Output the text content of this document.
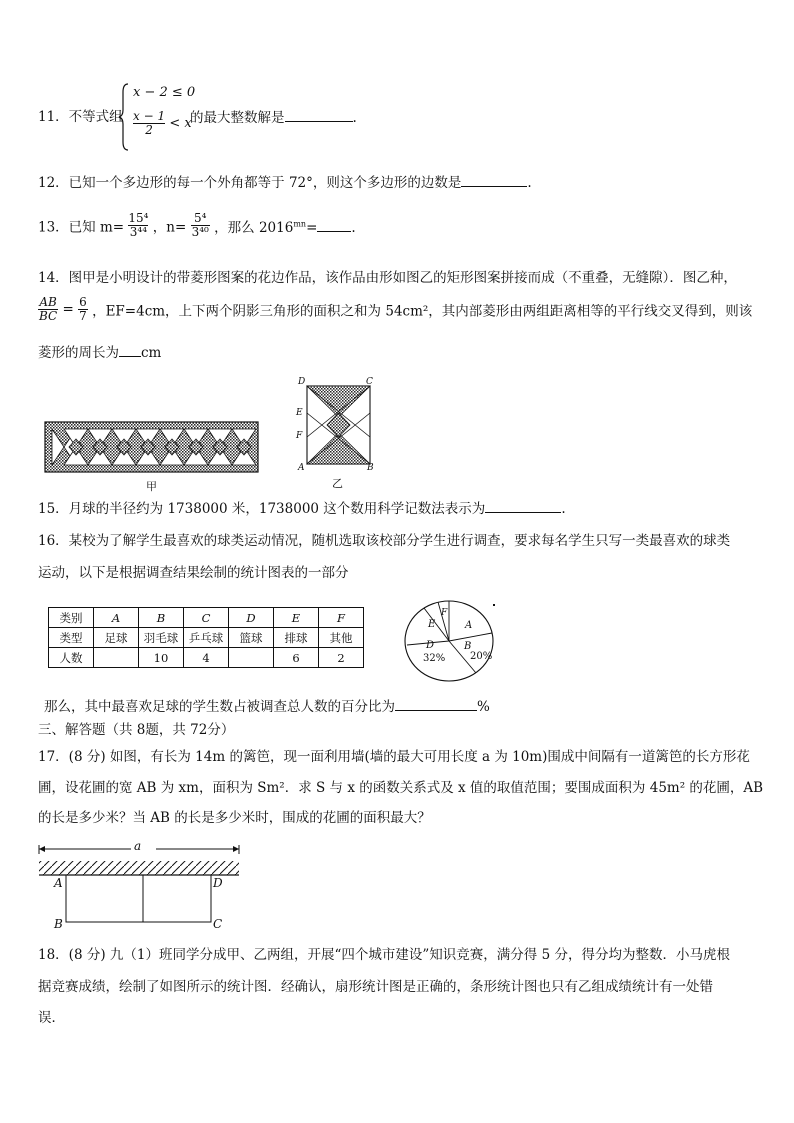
11．不等式组
x − 2 ≤ 0
$\frac{x - 1}{2} < x$
的最大整数解是	.
12．已知一个多边形的每一个外角都等于 72°，则这个多边形的边数是	.
13．已知 $m= \frac{\text{15⁴}}{\text{3⁴⁴}}$ ，$n= \frac{\text{5⁴}}{\text{3⁴⁰}}$ ，那么 $2016^{mn}=$	.
14．图甲是小明设计的带菱形图案的花边作品，该作品由形如图乙的矩形图案拼接而成（不重叠，无缝隙）．图乙种，
$\frac{AB}{BC} = \frac{6}{7}$ ，EF=4cm，上下两个阴影三角形的面积之和为 54cm²，其内部菱形由两组距离相等的平行线交叉得到，则该
菱形的周长为 cm
甲
D	C
E
F
A	B
乙
15．月球的半径约为 1738000 米，1738000 这个数用科学记数法表示为	.
16．某校为了解学生最喜欢的球类运动情况，随机选取该校部分学生进行调查，要求每名学生只写一类最喜欢的球类
运动，以下是根据调查结果绘制的统计图表的一部分
类别	A	B	C	D	E	F
类型	足球	羽毛球	乒乓球	篮球	排球	其他
人数		10	4		6	2
A
B
20%
D
32%
E
F
那么，其中最喜欢足球的学生数占被调查总人数的百分比为	%
三、解答题（共 8题，共 72分）
17．(8 分) 如图，有长为 14m 的篱笆，现一面利用墙(墙的最大可用长度 a 为 10m)围成中间隔有一道篱笆的长方形花
圃，设花圃的宽 AB 为 xm，面积为 Sm²．求 S 与 x 的函数关系式及 x 值的取值范围；要围成面积为 45m² 的花圃，AB
的长是多少米？当 AB 的长是多少米时，围成的花圃的面积最大？
a
A
B
D
C
18．(8 分) 九（1）班同学分成甲、乙两组，开展“四个城市建设”知识竞赛，满分得 5 分，得分均为整数．小马虎根
据竞赛成绩，绘制了如图所示的统计图．经确认，扇形统计图是正确的，条形统计图也只有乙组成绩统计有一处错
误．
